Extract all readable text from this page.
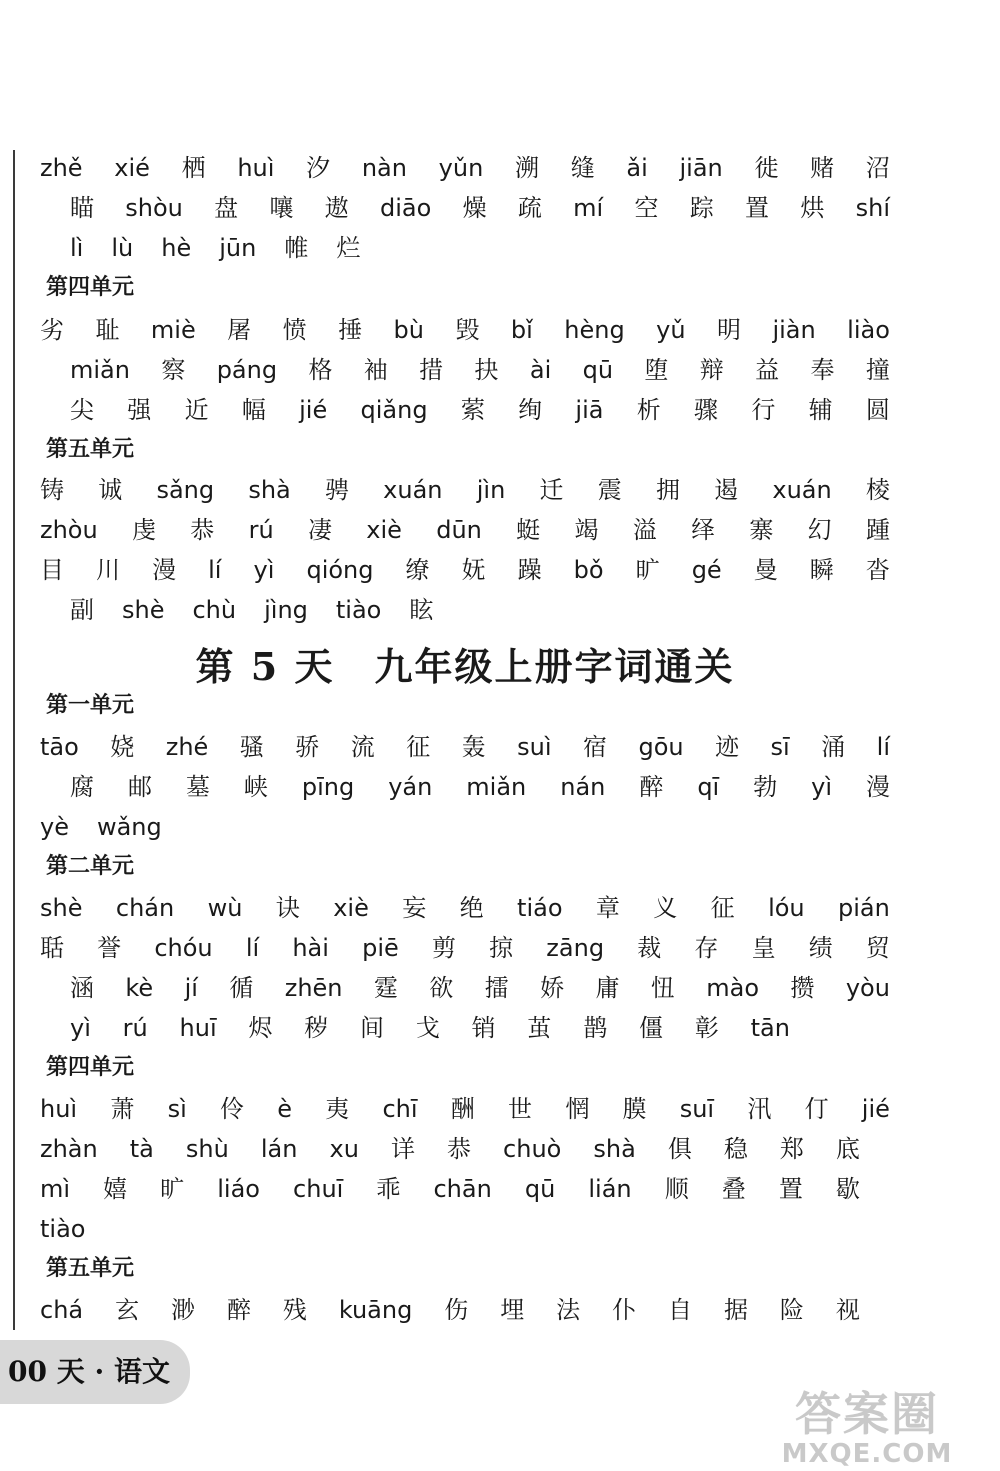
zhě xié 栖 huì 汐 nàn yǔn 溯 缝 ǎi jiān 徙 赌 沼
瞄 shòu 盘 嚷 遨 diāo 燥 疏 mí 空 踪 置 烘 shí
lì lù hè jūn 帷 烂
第四单元
劣 耻 miè 屠 愤 捶 bù 毁 bǐ hèng yǔ 明 jiàn liào
miǎn 察 páng 格 袖 措 抉 ài qū 堕 辩 益 奉 撞
尖 强 近 幅 jié qiǎng 萦 绚 jiā 析 骤 行 辅 圆
第五单元
铸 诚 sǎng shà 骋 xuán jìn 迁 震 拥 遏 xuán 棱
zhòu 虔 恭 rú 凄 xiè dūn 蜓 竭 溢 绎 寨 幻 踵
目 川 漫 lí yì qióng 缭 妩 躁 bǒ 旷 gé 曼 瞬 沓
副 shè chù jìng tiào 眩
第 5 天　九年级上册字词通关
第一单元
tāo 娆 zhé 骚 骄 流 征 轰 suì 宿 gōu 迹 sī 涌 lí
腐 邮 墓 峡 pīng yán miǎn nán 醉 qī 勃 yì 漫
yè wǎng
第二单元
shè chán wù 诀 xiè 妄 绝 tiáo 章 义 征 lóu pián
聒 誉 chóu lí hài piē 剪 掠 zāng 裁 存 皇 绩 贸
涵 kè jí 循 zhēn 霆 欲 擂 娇 庸 忸 mào 攒 yòu
yì rú huī 烬 秽 间 戈 销 茧 鹊 僵 彰 tān
第四单元
huì 萧 sì 伶 è 夷 chī 酬 世 惘 膜 suī 汛 仃 jié
zhàn tà shù lán xu 详 恭 chuò shà 俱 稳 郑 底
mì 嬉 旷 liáo chuī 乖 chān qū lián 顺 叠 置 歇
tiào
第五单元
chá 玄 渺 醉 残 kuāng 伤 埋 法 仆 自 据 险 视
00 天 · 语文
答案圈
MXQE.COM
